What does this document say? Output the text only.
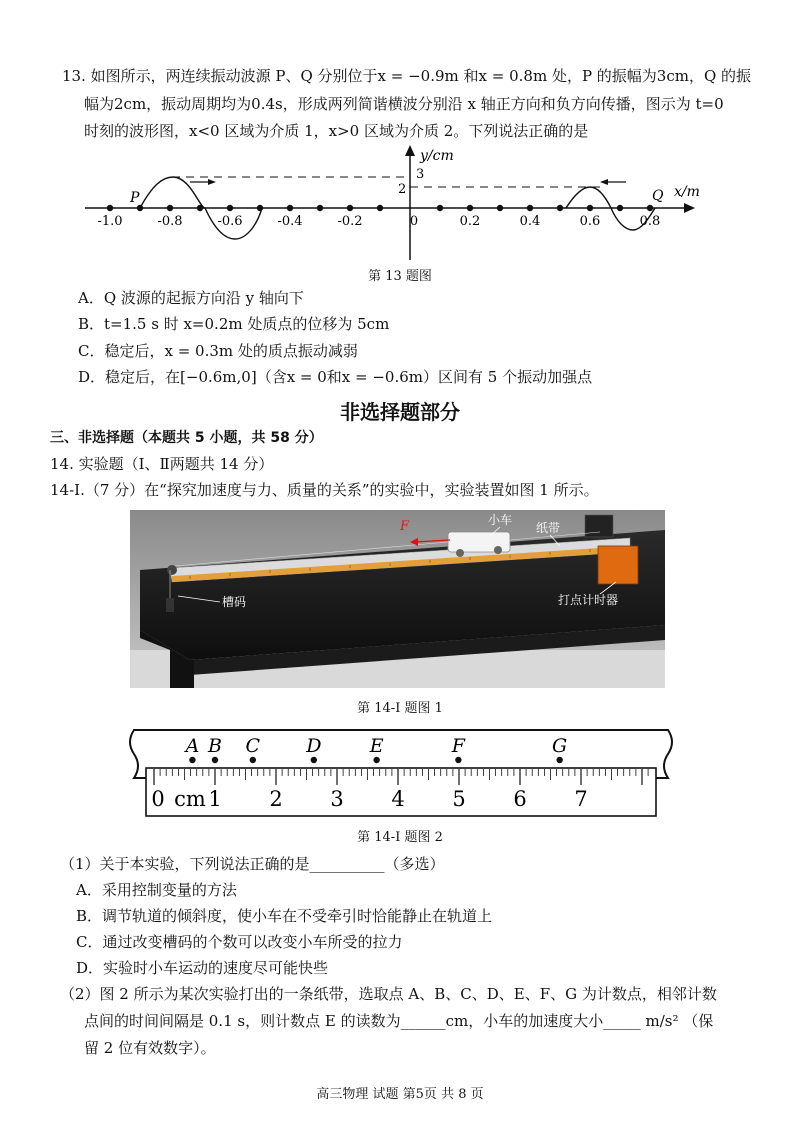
13. 如图所示，两连续振动波源 P、Q 分别位于x = −0.9m 和x = 0.8m 处，P 的振幅为3cm，Q 的振
幅为2cm，振动周期均为0.4s，形成两列简谐横波分别沿 x 轴正方向和负方向传播，图示为 t=0
时刻的波形图，x<0 区域为介质 1，x>0 区域为介质 2。下列说法正确的是
y/cm
x/m
3
2
P	Q
-1.0	-0.8	-0.6	-0.4	-0.2	0	0.2	0.4	0.6	0.8
第 13 题图
A．Q 波源的起振方向沿 y 轴向下
B．t=1.5 s 时 x=0.2m 处质点的位移为 5cm
C．稳定后，x = 0.3m 处的质点振动减弱
D．稳定后，在[−0.6m,0]（含x = 0和x = −0.6m）区间有 5 个振动加强点
非选择题部分
三、非选择题（本题共 5 小题，共 58 分）
14. 实验题（Ⅰ、Ⅱ两题共 14 分）
14-Ⅰ.（7 分）在“探究加速度与力、质量的关系”的实验中，实验装置如图 1 所示。
F	小车
纸带
槽码	打点计时器
第 14-Ⅰ 题图 1
0 cm 1 2 3 4 5 6 7
A B C D	E	F	G
第 14-Ⅰ 题图 2
（1）关于本实验，下列说法正确的是__________（多选）
A．采用控制变量的方法
B．调节轨道的倾斜度，使小车在不受牵引时恰能静止在轨道上
C．通过改变槽码的个数可以改变小车所受的拉力
D．实验时小车运动的速度尽可能快些
（2）图 2 所示为某次实验打出的一条纸带，选取点 A、B、C、D、E、F、G 为计数点，相邻计数
点间的时间间隔是 0.1 s，则计数点 E 的读数为______cm，小车的加速度大小_____ m/s² （保
留 2 位有效数字）。
高三物理 试题 第5页 共 8 页
